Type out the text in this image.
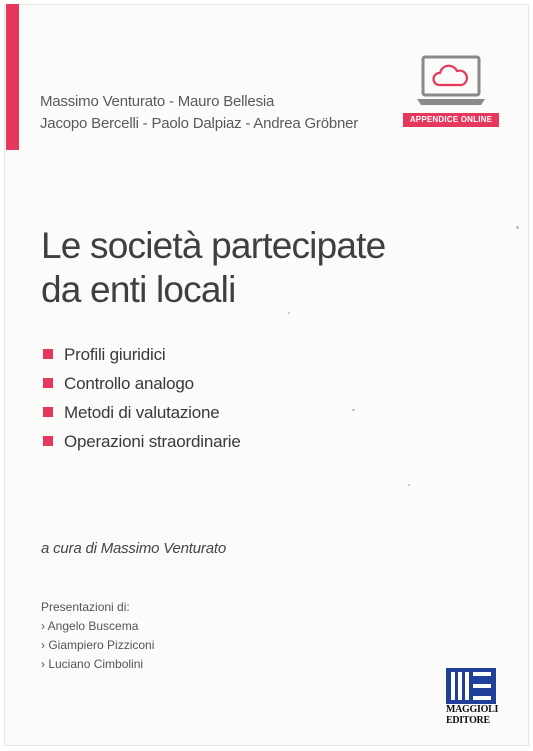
Massimo Venturato - Mauro Bellesia
Jacopo Bercelli - Paolo Dalpiaz - Andrea Gröbner	APPENDICE ONLINE
Le società partecipate
da enti locali
Profili giuridici
Controllo analogo
Metodi di valutazione
Operazioni straordinarie
a cura di Massimo Venturato
Presentazioni di:
› Angelo Buscema
› Giampiero Pizziconi
› Luciano Cimbolini
MAGGIOLI
EDITORE
